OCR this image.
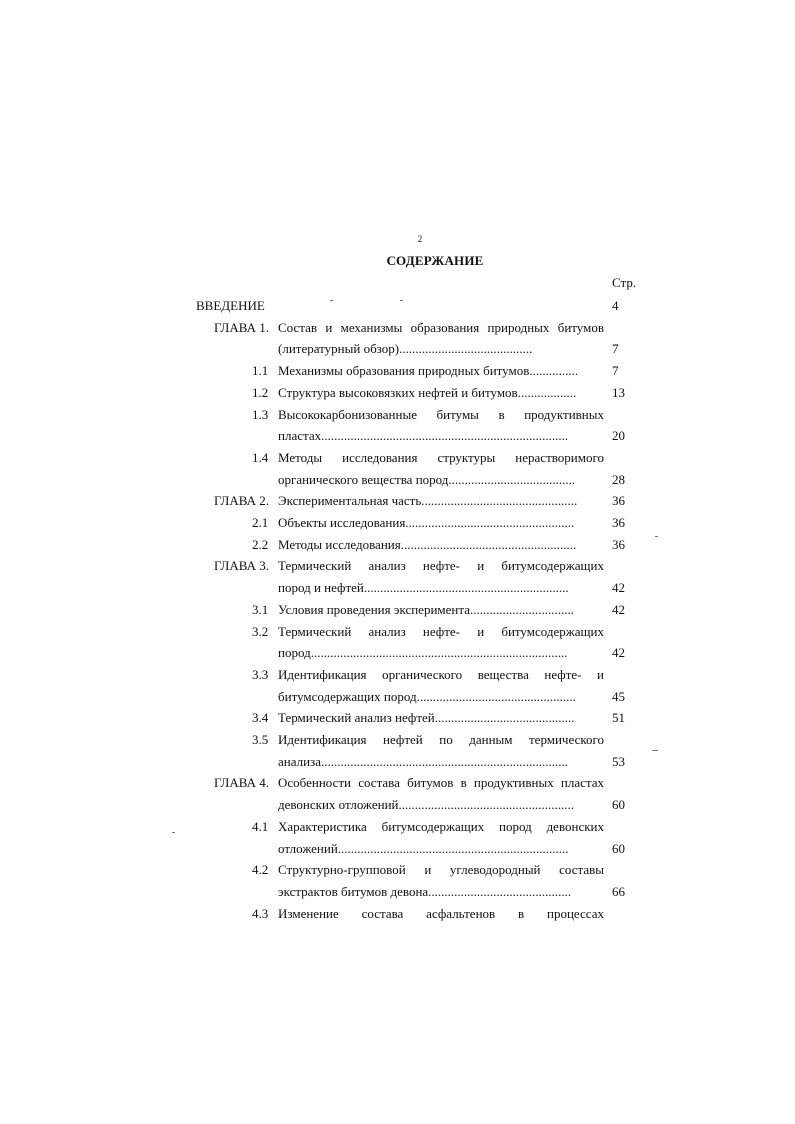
2
СОДЕРЖАНИЕ
Стр.
ВВЕДЕНИЕ	4
ГЛАВА 1. Состав и механизмы образования природных битумов
(литературный обзор).........................................	7
1.1 Механизмы образования природных битумов...............	7
1.2 Структура высоковязких нефтей и битумов..................	13
1.3 Высококарбонизованные битумы в продуктивных
пластах............................................................................	20
1.4 Методы исследования структуры нерастворимого
органического вещества пород.......................................	28
ГЛАВА 2. Экспериментальная часть................................................	36
2.1 Объекты исследования....................................................	36
2.2 Методы исследования......................................................	36
ГЛАВА 3. Термический анализ нефте- и битумсодержащих
пород и нефтей...............................................................	42
3.1 Условия проведения эксперимента................................	42
3.2 Термический анализ нефте- и битумсодержащих
пород...............................................................................	42
3.3 Идентификация органического вещества нефте- и
битумсодержащих пород.................................................	45
3.4 Термический анализ нефтей...........................................	51
3.5 Идентификация нефтей по данным термического
анализа............................................................................	53
ГЛАВА 4. Особенности состава битумов в продуктивных пластах
девонских отложений......................................................	60
4.1 Характеристика битумсодержащих пород девонских
отложений.......................................................................	60
4.2 Структурно-групповой и углеводородный составы
экстрактов битумов девона............................................	66
4.3 Изменение состава асфальтенов в процессах
